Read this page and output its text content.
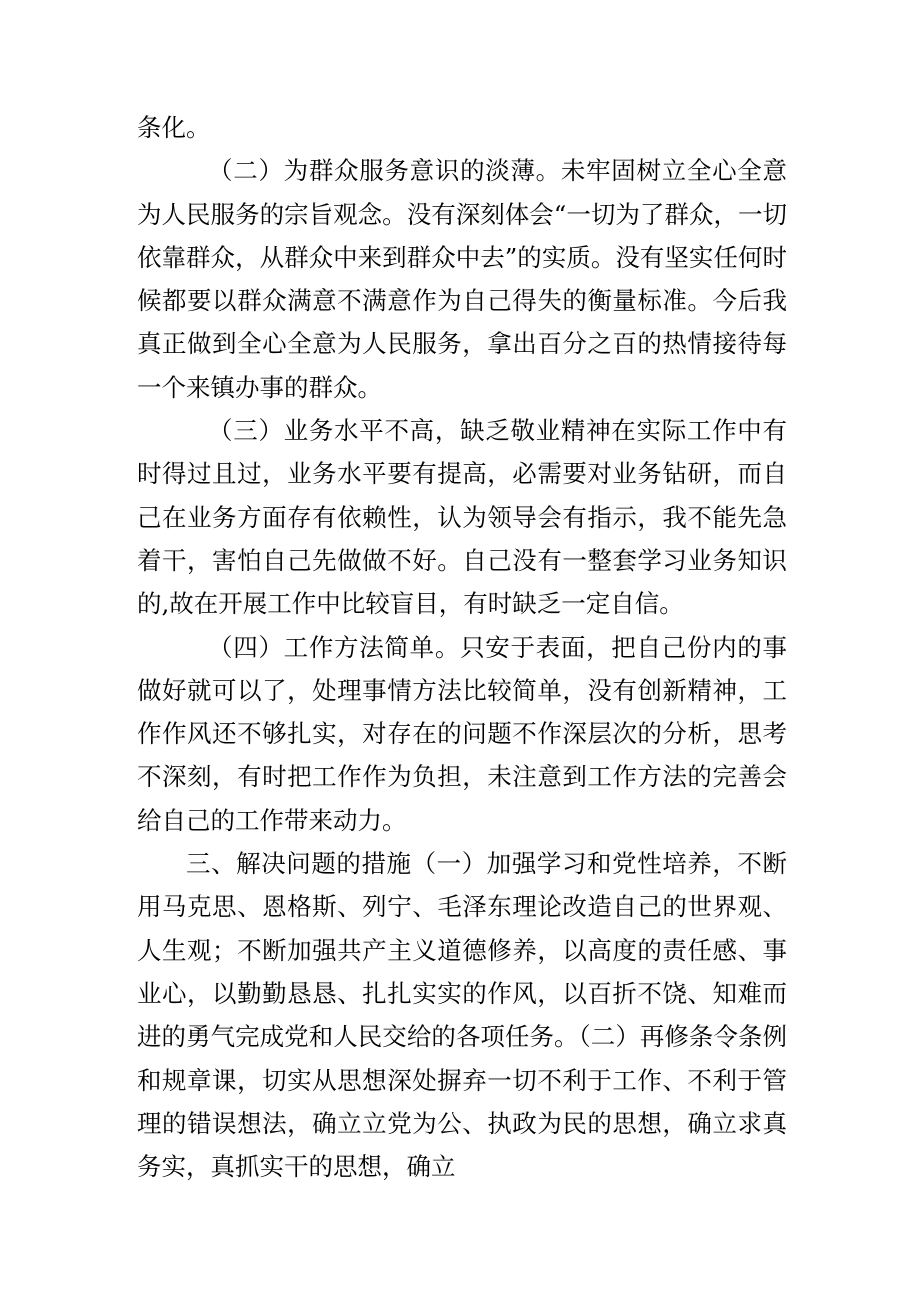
条化。

（二）为群众服务意识的淡薄。未牢固树立全心全意为人民服务的宗旨观念。没有深刻体会“一切为了群众，一切依靠群众，从群众中来到群众中去”的实质。没有坚实任何时候都要以群众满意不满意作为自己得失的衡量标准。今后我真正做到全心全意为人民服务，拿出百分之百的热情接待每一个来镇办事的群众。

（三）业务水平不高，缺乏敬业精神在实际工作中有时得过且过，业务水平要有提高，必需要对业务钻研，而自己在业务方面存有依赖性，认为领导会有指示，我不能先急着干，害怕自己先做做不好。自己没有一整套学习业务知识的,故在开展工作中比较盲目，有时缺乏一定自信。

（四）工作方法简单。只安于表面，把自己份内的事做好就可以了，处理事情方法比较简单，没有创新精神，工作作风还不够扎实，对存在的问题不作深层次的分析，思考不深刻，有时把工作作为负担，未注意到工作方法的完善会给自己的工作带来动力。

三、解决问题的措施（一）加强学习和党性培养，不断用马克思、恩格斯、列宁、毛泽东理论改造自己的世界观、人生观；不断加强共产主义道德修养，以高度的责任感、事业心，以勤勤恳恳、扎扎实实的作风，以百折不饶、知难而进的勇气完成党和人民交给的各项任务。（二）再修条令条例和规章课，切实从思想深处摒弃一切不利于工作、不利于管理的错误想法，确立立党为公、执政为民的思想，确立求真务实，真抓实干的思想，确立
